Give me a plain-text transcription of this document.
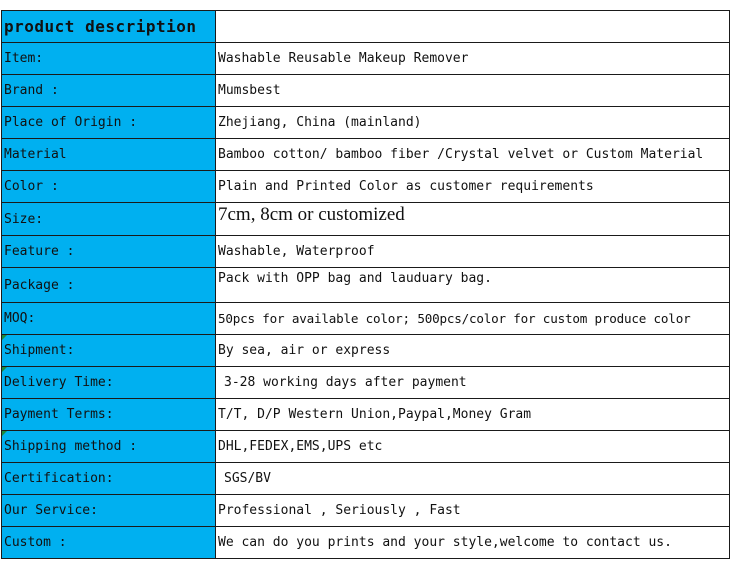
product description	
Item:	Washable Reusable Makeup Remover
Brand :	Mumsbest
Place of Origin :	Zhejiang, China (mainland)
Material	Bamboo cotton/ bamboo fiber /Crystal velvet or Custom Material
Color :	Plain and Printed Color as customer requirements
Size:	7cm, 8cm or customized
Feature :	Washable, Waterproof
Package :	Pack with OPP bag and lauduary bag.
MOQ:	50pcs for available color; 500pcs/color for custom produce color

Shipment:	By sea, air or express

Delivery Time:	3-28 working days after payment
Payment Terms:	T/T, D/P Western Union,Paypal,Money Gram

Shipping method :	DHL,FEDEX,EMS,UPS etc
Certification:	SGS/BV
Our Service:	Professional , Seriously , Fast
Custom :	We can do you prints and your style,welcome to contact us.
